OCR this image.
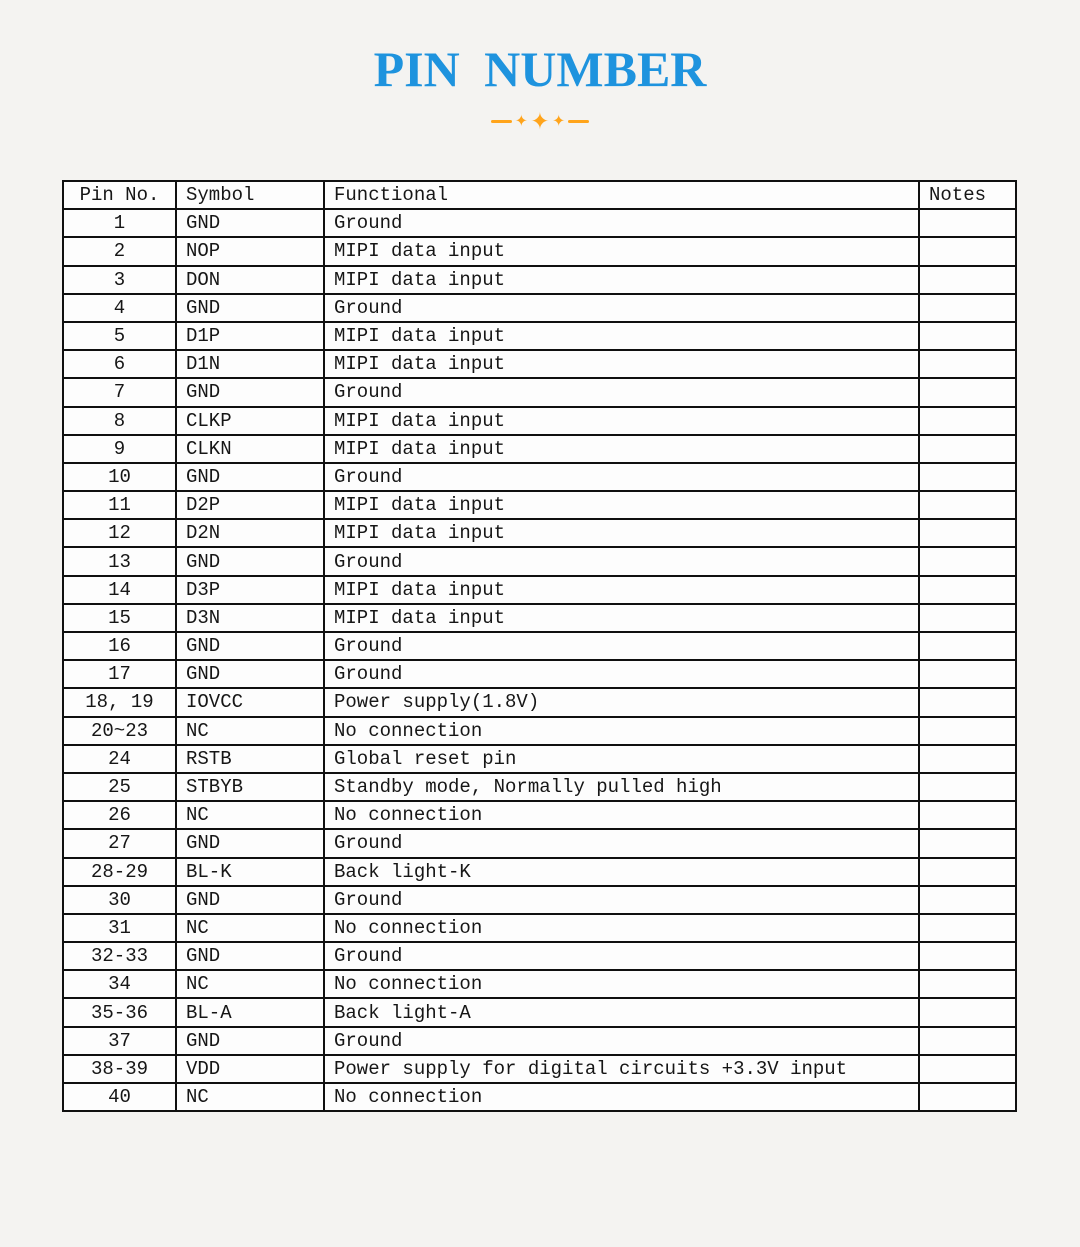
PIN NUMBER
✦ ✦ ✦
Pin No.	Symbol	Functional	Notes
1	GND	Ground	
2	NOP	MIPI data input	
3	DON	MIPI data input	
4	GND	Ground	
5	D1P	MIPI data input	
6	D1N	MIPI data input	
7	GND	Ground	
8	CLKP	MIPI data input	
9	CLKN	MIPI data input	
10	GND	Ground	
11	D2P	MIPI data input	
12	D2N	MIPI data input	
13	GND	Ground	
14	D3P	MIPI data input	
15	D3N	MIPI data input	
16	GND	Ground	
17	GND	Ground	
18, 19	IOVCC	Power supply(1.8V)	
20~23	NC	No connection	
24	RSTB	Global reset pin	
25	STBYB	Standby mode, Normally pulled high	
26	NC	No connection	
27	GND	Ground	
28-29	BL-K	Back light-K	
30	GND	Ground	
31	NC	No connection	
32-33	GND	Ground	
34	NC	No connection	
35-36	BL-A	Back light-A	
37	GND	Ground	
38-39	VDD	Power supply for digital circuits +3.3V input	
40	NC	No connection	
